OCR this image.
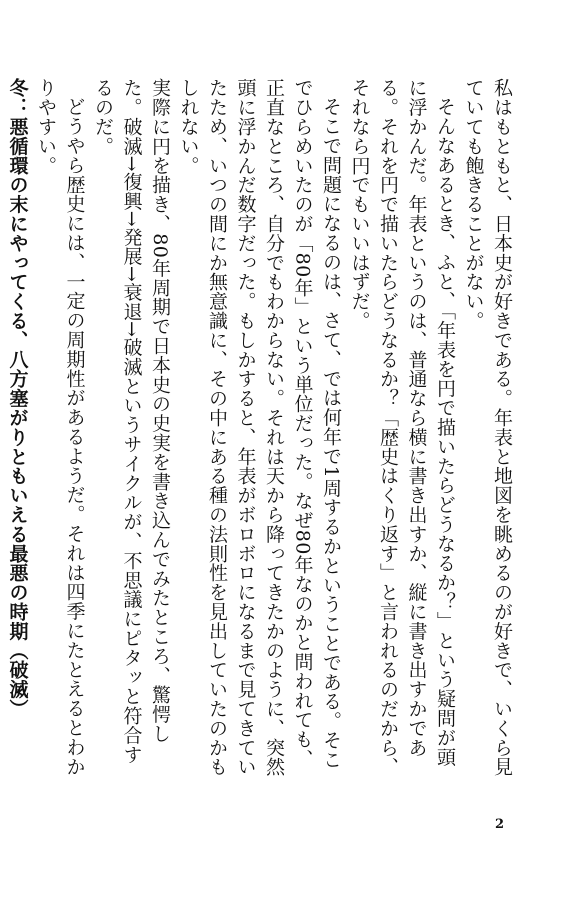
私はもともと、日本史が好きである。年表と地図を眺めるのが好きで、いくら見ていても飽きることがない。

そんなあるとき、ふと、「年表を円で描いたらどうなるか？」という疑問が頭に浮かんだ。年表というのは、普通なら横に書き出すか、縦に書き出すかである。それを円で描いたらどうなるか？「歴史はくり返す」と言われるのだから、それなら円でもいいはずだ。

そこで問題になるのは、さて、では何年で1周するかということである。そこでひらめいたのが「80年」という単位だった。なぜ80年なのかと問われても、正直なところ、自分でもわからない。それは天から降ってきたかのように、突然頭に浮かんだ数字だった。もしかすると、年表がボロボロになるまで見てきていたため、いつの間にか無意識に、その中にある種の法則性を見出していたのかもしれない。

実際に円を描き、80年周期で日本史の史実を書き込んでみたところ、驚愕した。破滅→復興→発展→衰退→破滅というサイクルが、不思議にピタッと符合するのだ。

どうやら歴史には、一定の周期性があるようだ。それは四季にたとえるとわかりやすい。

冬：悪循環の末にやってくる、八方塞がりともいえる最悪の時期（破滅）

2
